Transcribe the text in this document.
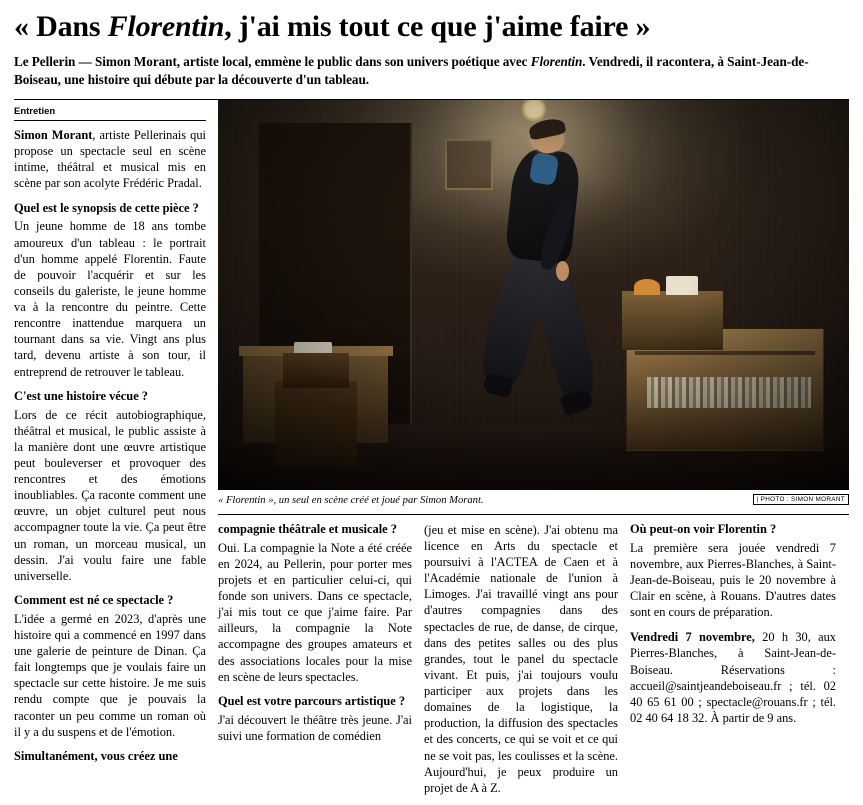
« Dans Florentin, j'ai mis tout ce que j'aime faire »

Le Pellerin — Simon Morant, artiste local, emmène le public dans son univers poétique avec Florentin. Vendredi, il racontera, à Saint-Jean-de-Boiseau, une histoire qui débute par la découverte d'un tableau.

Entretien

Simon Morant, artiste Pellerinais qui propose un spectacle seul en scène intime, théâtral et musical mis en scène par son acolyte Frédéric Pradal.

Quel est le synopsis de cette pièce ?

Un jeune homme de 18 ans tombe amoureux d'un tableau : le portrait d'un homme appelé Florentin. Faute de pouvoir l'acquérir et sur les conseils du galeriste, le jeune homme va à la rencontre du peintre. Cette rencontre inattendue marquera un tournant dans sa vie. Vingt ans plus tard, devenu artiste à son tour, il entreprend de retrouver le tableau.

C'est une histoire vécue ?

Lors de ce récit autobiographique, théâtral et musical, le public assiste à la manière dont une œuvre artistique peut bouleverser et provoquer des rencontres et des émotions inoubliables. Ça raconte comment une œuvre, un objet culturel peut nous accompagner toute la vie. Ça peut être un roman, un morceau musical, un dessin. J'ai voulu faire une fable universelle.

Comment est né ce spectacle ?

L'idée a germé en 2023, d'après une histoire qui a commencé en 1997 dans une galerie de peinture de Dinan. Ça fait longtemps que je voulais faire un spectacle sur cette histoire. Je me suis rendu compte que je pouvais la raconter un peu comme un roman où il y a du suspens et de l'émotion.

Simultanément, vous créez une

« Florentin », un seul en scène créé et joué par Simon Morant.	| PHOTO : SIMON MORANT

compagnie théâtrale et musicale ?

Oui. La compagnie la Note a été créée en 2024, au Pellerin, pour porter mes projets et en particulier celui-ci, qui fonde son univers. Dans ce spectacle, j'ai mis tout ce que j'aime faire. Par ailleurs, la compagnie la Note accompagne des groupes amateurs et des associations locales pour la mise en scène de leurs spectacles.

Quel est votre parcours artistique ?

J'ai découvert le théâtre très jeune. J'ai suivi une formation de comédien

(jeu et mise en scène). J'ai obtenu ma licence en Arts du spectacle et poursuivi à l'ACTEA de Caen et à l'Académie nationale de l'union à Limoges. J'ai travaillé vingt ans pour d'autres compagnies dans des spectacles de rue, de danse, de cirque, dans des petites salles ou des plus grandes, tout le panel du spectacle vivant. Et puis, j'ai toujours voulu participer aux projets dans les domaines de la logistique, la production, la diffusion des spectacles et des concerts, ce qui se voit et ce qui ne se voit pas, les coulisses et la scène. Aujourd'hui, je peux produire un projet de A à Z.

Où peut-on voir Florentin ?

La première sera jouée vendredi 7 novembre, aux Pierres-Blanches, à Saint-Jean-de-Boiseau, puis le 20 novembre à Clair en scène, à Rouans. D'autres dates sont en cours de préparation.

Vendredi 7 novembre, 20 h 30, aux Pierres-Blanches, à Saint-Jean-de-Boiseau. Réservations : accueil@saintjeandeboiseau.fr ; tél. 02 40 65 61 00 ; spectacle@rouans.fr ; tél. 02 40 64 18 32. À partir de 9 ans.
